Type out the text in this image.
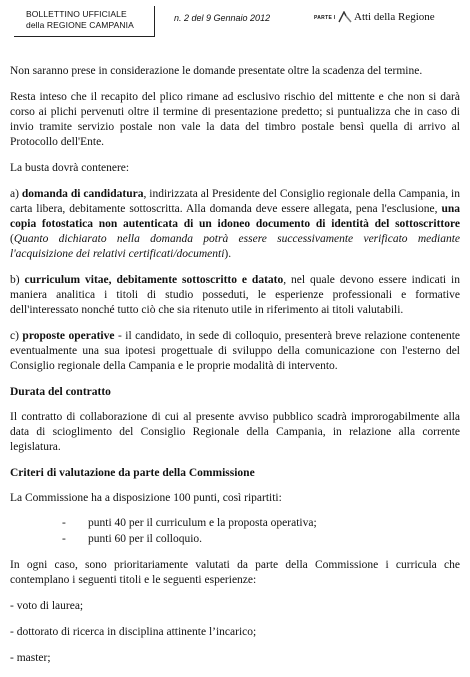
BOLLETTINO UFFICIALE
della REGIONE CAMPANIA
n. 2 del 9 Gennaio 2012	PARTE I Atti della Regione

Non saranno prese in considerazione le domande presentate oltre la scadenza del termine.

Resta inteso che il recapito del plico rimane ad esclusivo rischio del mittente e che non si darà corso ai plichi pervenuti oltre il termine di presentazione predetto; si puntualizza che in caso di invio tramite servizio postale non vale la data del timbro postale bensì quella di arrivo al Protocollo dell'Ente.

La busta dovrà contenere:

a) domanda di candidatura, indirizzata al Presidente del Consiglio regionale della Campania, in carta libera, debitamente sottoscritta. Alla domanda deve essere allegata, pena l'esclusione, una copia fotostatica non autenticata di un idoneo documento di identità del sottoscrittore (Quanto dichiarato nella domanda potrà essere successivamente verificato mediante l'acquisizione dei relativi certificati/documenti).

b) curriculum vitae, debitamente sottoscritto e datato, nel quale devono essere indicati in maniera analitica i titoli di studio posseduti, le esperienze professionali e formative dell'interessato nonché tutto ciò che sia ritenuto utile in riferimento ai titoli valutabili.

c) proposte operative - il candidato, in sede di colloquio, presenterà breve relazione contenente eventualmente una sua ipotesi progettuale di sviluppo della comunicazione con l'esterno del Consiglio regionale della Campania e le proprie modalità di intervento.

Durata del contratto

Il contratto di collaborazione di cui al presente avviso pubblico scadrà improrogabilmente alla data di scioglimento del Consiglio Regionale della Campania, in relazione alla corrente legislatura.

Criteri di valutazione da parte della Commissione

La Commissione ha a disposizione 100 punti, così ripartiti:

- punti 40 per il curriculum e la proposta operativa;
- punti 60 per il colloquio.

In ogni caso, sono prioritariamente valutati da parte della Commissione i curricula che contemplano i seguenti titoli e le seguenti esperienze:

- voto di laurea;

- dottorato di ricerca in disciplina attinente l’incarico;

- master;
